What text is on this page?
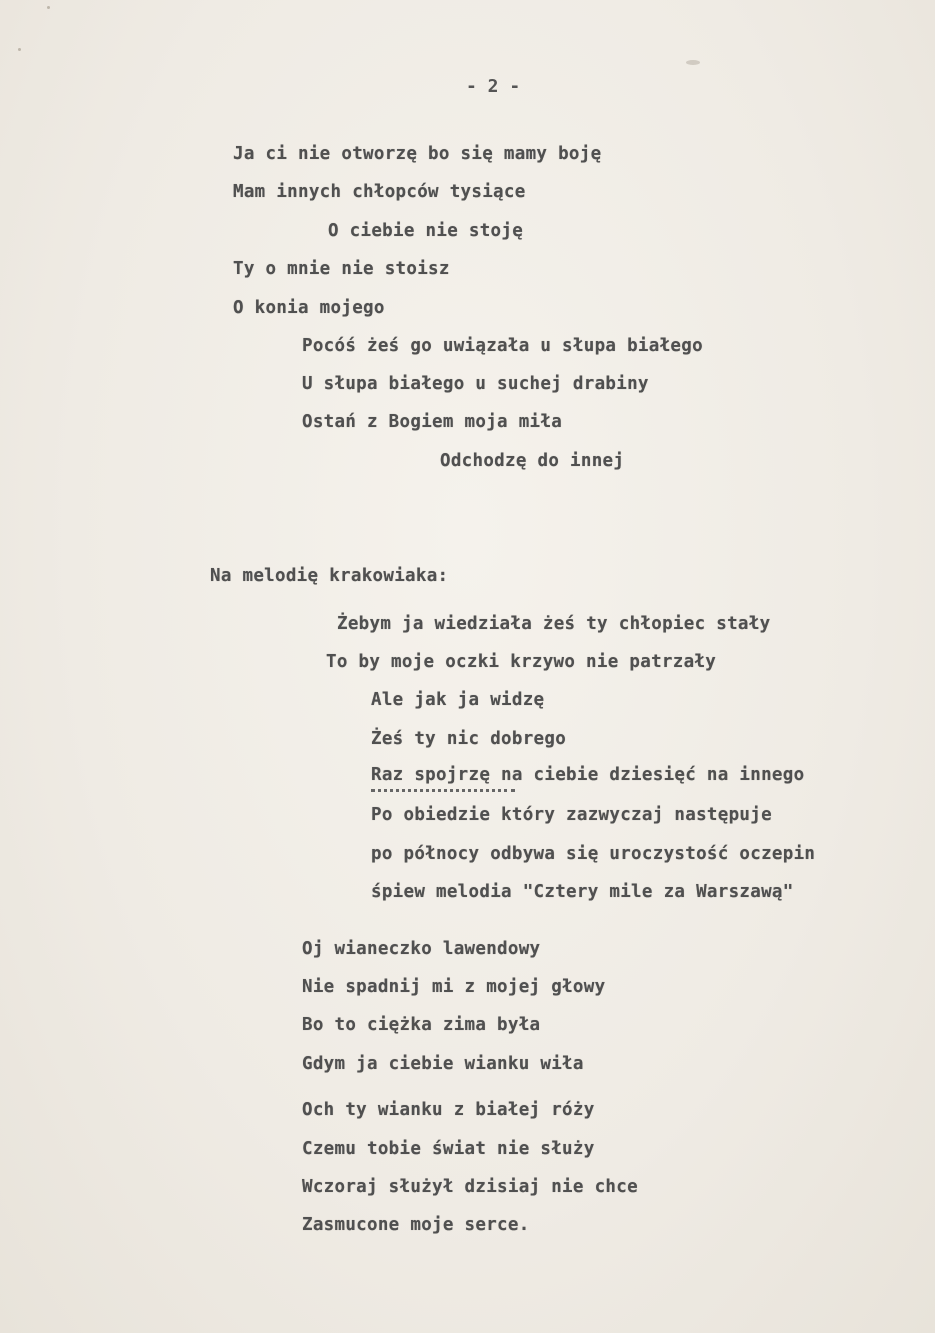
- 2 -
Ja ci nie otworzę bo się mamy boję
Mam innych chłopców tysiące
O ciebie nie stoję
Ty o mnie nie stoisz
O konia mojego
Pocóś żeś go uwiązała u słupa białego
U słupa białego u suchej drabiny
Ostań z Bogiem moja miła
Odchodzę do innej
Na melodię krakowiaka:
Żebym ja wiedziała żeś ty chłopiec stały
To by moje oczki krzywo nie patrzały
Ale jak ja widzę
Żeś ty nic dobrego
Raz spojrzę na ciebie dziesięć na innego
Po obiedzie który zazwyczaj następuje
po północy odbywa się uroczystość oczepin
śpiew melodia "Cztery mile za Warszawą"
Oj wianeczko lawendowy
Nie spadnij mi z mojej głowy
Bo to ciężka zima była
Gdym ja ciebie wianku wiła
Och ty wianku z białej róży
Czemu tobie świat nie służy
Wczoraj służył dzisiaj nie chce
Zasmucone moje serce.
